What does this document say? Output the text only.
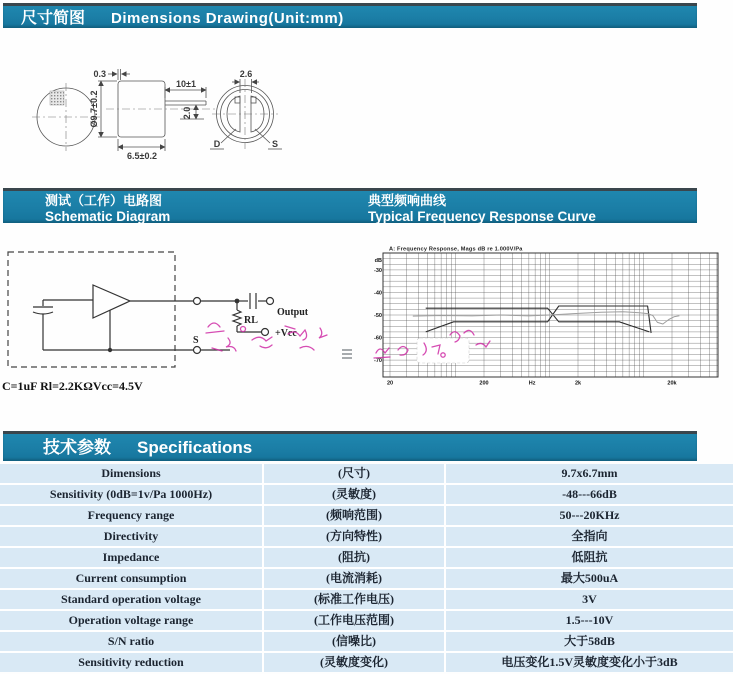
尺寸简图 Dimensions Drawing(Unit:mm)
0.3
Ø9.7±0.2
10±1
2.0
6.5±0.2
2.6
D	S
测试（工作）电路图
Schematic Diagram
典型频响曲线
Typical Frequency Response Curve
Output
RL
+Vcc
S
C=1uF Rl=2.2KΩVcc=4.5V
A: Frequency Response, Mags dB re 1.000V/Pa
20	200	Hz	2k	20k
dB
-30
-40
-50
-60
-70
技术参数 Specifications
Dimensions	(尺寸)	9.7x6.7mm
Sensitivity (0dB=1v/Pa 1000Hz)	(灵敏度)	-48---66dB
Frequency range	(频响范围)	50---20KHz
Directivity	(方向特性)	全指向
Impedance	(阻抗)	低阻抗
Current consumption	(电流消耗)	最大500uA
Standard operation voltage	(标准工作电压)	3V
Operation voltage range	(工作电压范围)	1.5---10V
S/N ratio	(信噪比)	大于58dB
Sensitivity reduction	(灵敏度变化)	电压变化1.5V灵敏度变化小于3dB
